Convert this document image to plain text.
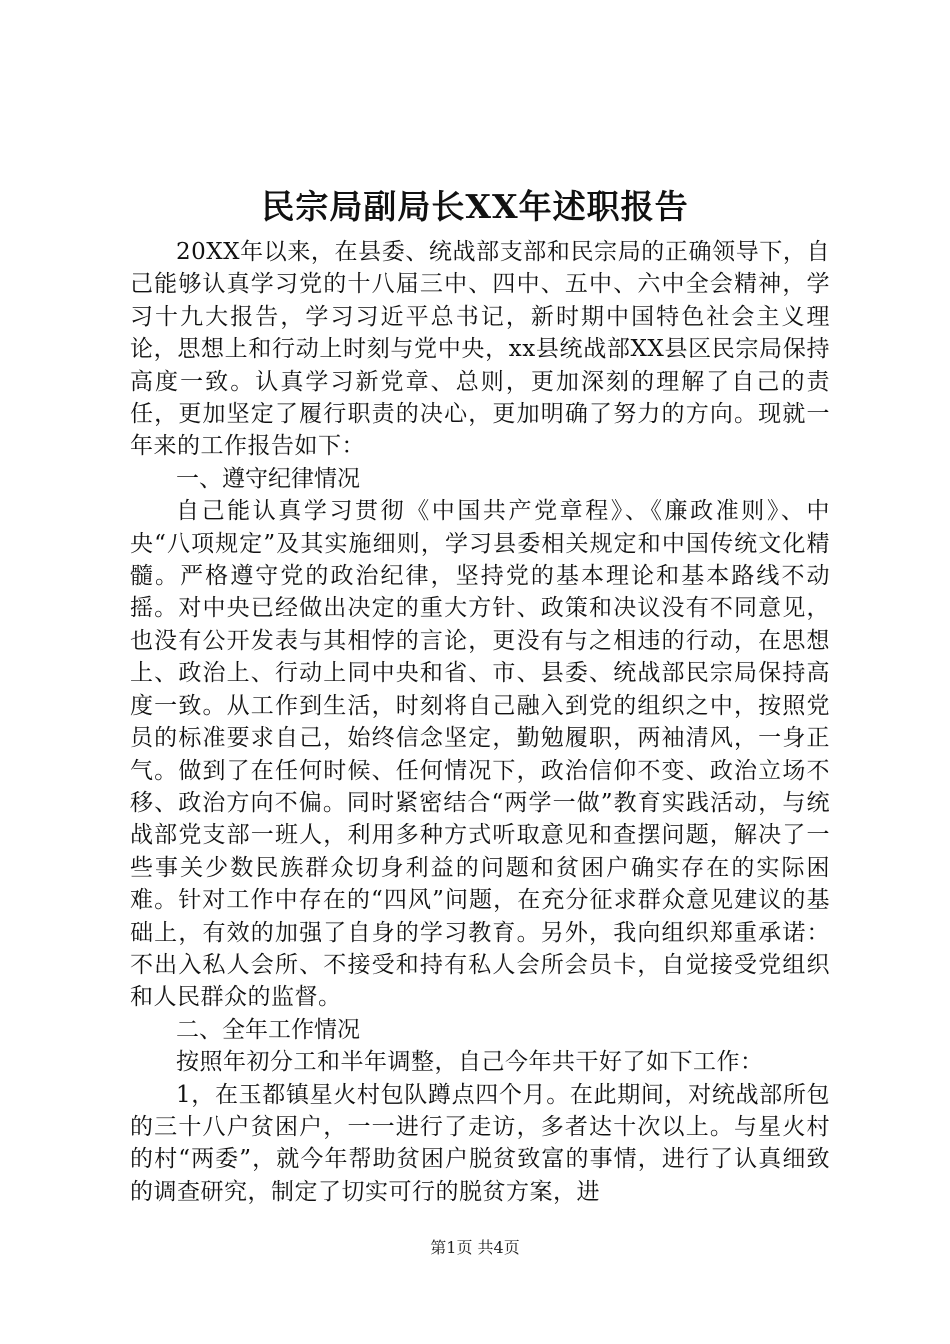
民宗局副局长XX年述职报告

20XX年以来，在县委、统战部支部和民宗局的正确领导下，自己能够认真学习党的十八届三中、四中、五中、六中全会精神，学习十九大报告，学习习近平总书记，新时期中国特色社会主义理论，思想上和行动上时刻与党中央，xx县统战部XX县区民宗局保持高度一致。认真学习新党章、总则，更加深刻的理解了自己的责任，更加坚定了履行职责的决心，更加明确了努力的方向。现就一年来的工作报告如下：

一、遵守纪律情况

自己能认真学习贯彻《中国共产党章程》、《廉政准则》、中央“八项规定”及其实施细则，学习县委相关规定和中国传统文化精髓。严格遵守党的政治纪律，坚持党的基本理论和基本路线不动摇。对中央已经做出决定的重大方针、政策和决议没有不同意见，也没有公开发表与其相悖的言论，更没有与之相违的行动，在思想上、政治上、行动上同中央和省、市、县委、统战部民宗局保持高度一致。从工作到生活，时刻将自己融入到党的组织之中，按照党员的标准要求自己，始终信念坚定，勤勉履职，两袖清风，一身正气。做到了在任何时候、任何情况下，政治信仰不变、政治立场不移、政治方向不偏。同时紧密结合“两学一做”教育实践活动，与统战部党支部一班人，利用多种方式听取意见和查摆问题，解决了一些事关少数民族群众切身利益的问题和贫困户确实存在的实际困难。针对工作中存在的“四风”问题，在充分征求群众意见建议的基础上，有效的加强了自身的学习教育。另外，我向组织郑重承诺：不出入私人会所、不接受和持有私人会所会员卡，自觉接受党组织和人民群众的监督。

二、全年工作情况

按照年初分工和半年调整，自己今年共干好了如下工作：

1，在玉都镇星火村包队蹲点四个月。在此期间，对统战部所包的三十八户贫困户，一一进行了走访，多者达十次以上。与星火村的村“两委”，就今年帮助贫困户脱贫致富的事情，进行了认真细致的调查研究，制定了切实可行的脱贫方案，进

第1页 共4页
